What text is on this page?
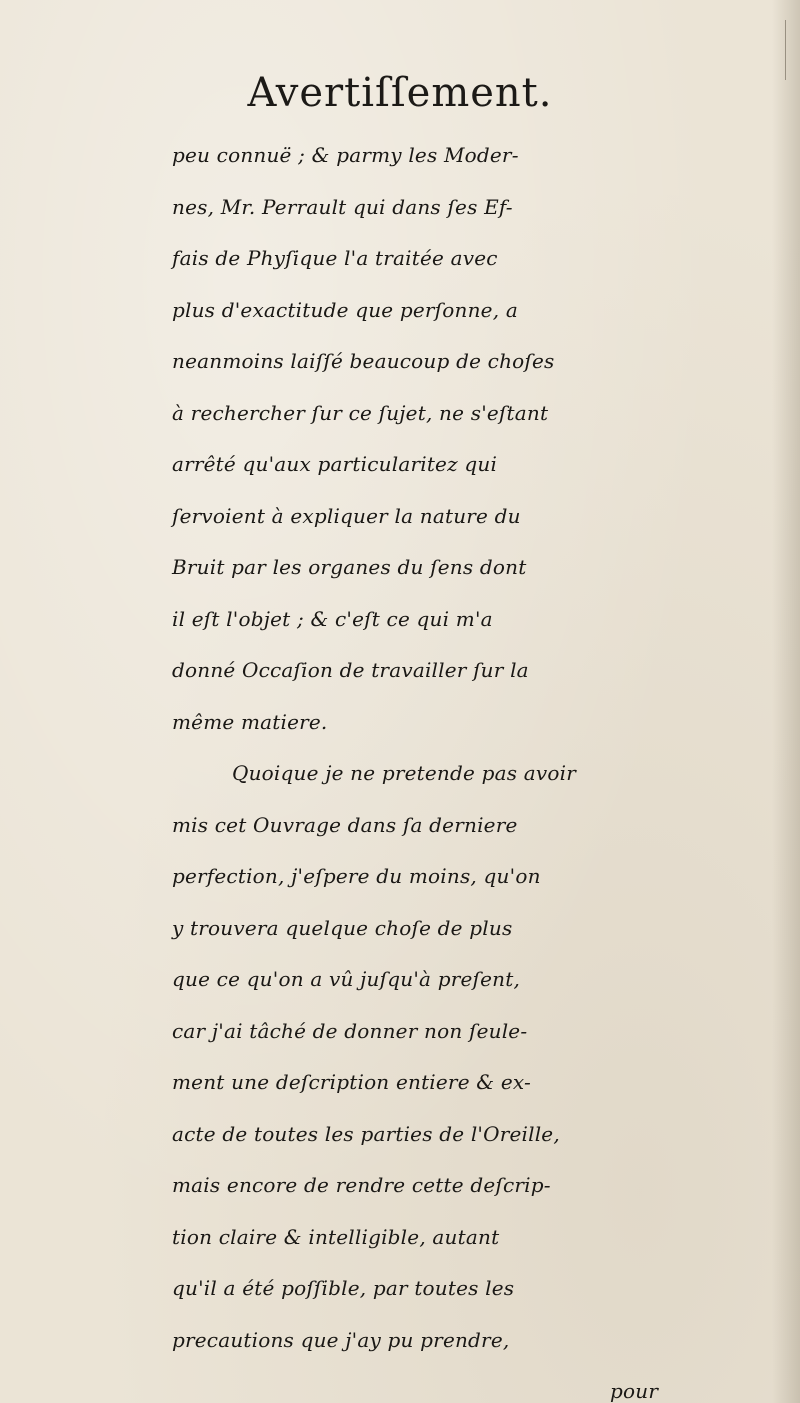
Avertiſſement.
peu connuë ; & parmy les Moder-
nes, Mr. Perrault qui dans ſes Ef-
fais de Phyſique l'a traitée avec
plus d'exactitude que perſonne, a
neanmoins laiſſé beaucoup de choſes
à rechercher ſur ce ſujet, ne s'eſtant
arrêté qu'aux particularitez qui
ſervoient à expliquer la nature du
Bruit par les organes du ſens dont
il eſt l'objet ; & c'eſt ce qui m'a
donné Occaſion de travailler ſur la
même matiere.
Quoique je ne pretende pas avoir
mis cet Ouvrage dans ſa derniere
perfection, j'eſpere du moins, qu'on
y trouvera quelque choſe de plus
que ce qu'on a vû juſqu'à preſent,
car j'ai tâché de donner non ſeule-
ment une deſcription entiere & ex-
acte de toutes les parties de l'Oreille,
mais encore de rendre cette deſcrip-
tion claire & intelligible, autant
qu'il a été poſſible, par toutes les
precautions que j'ay pu prendre,
pour
